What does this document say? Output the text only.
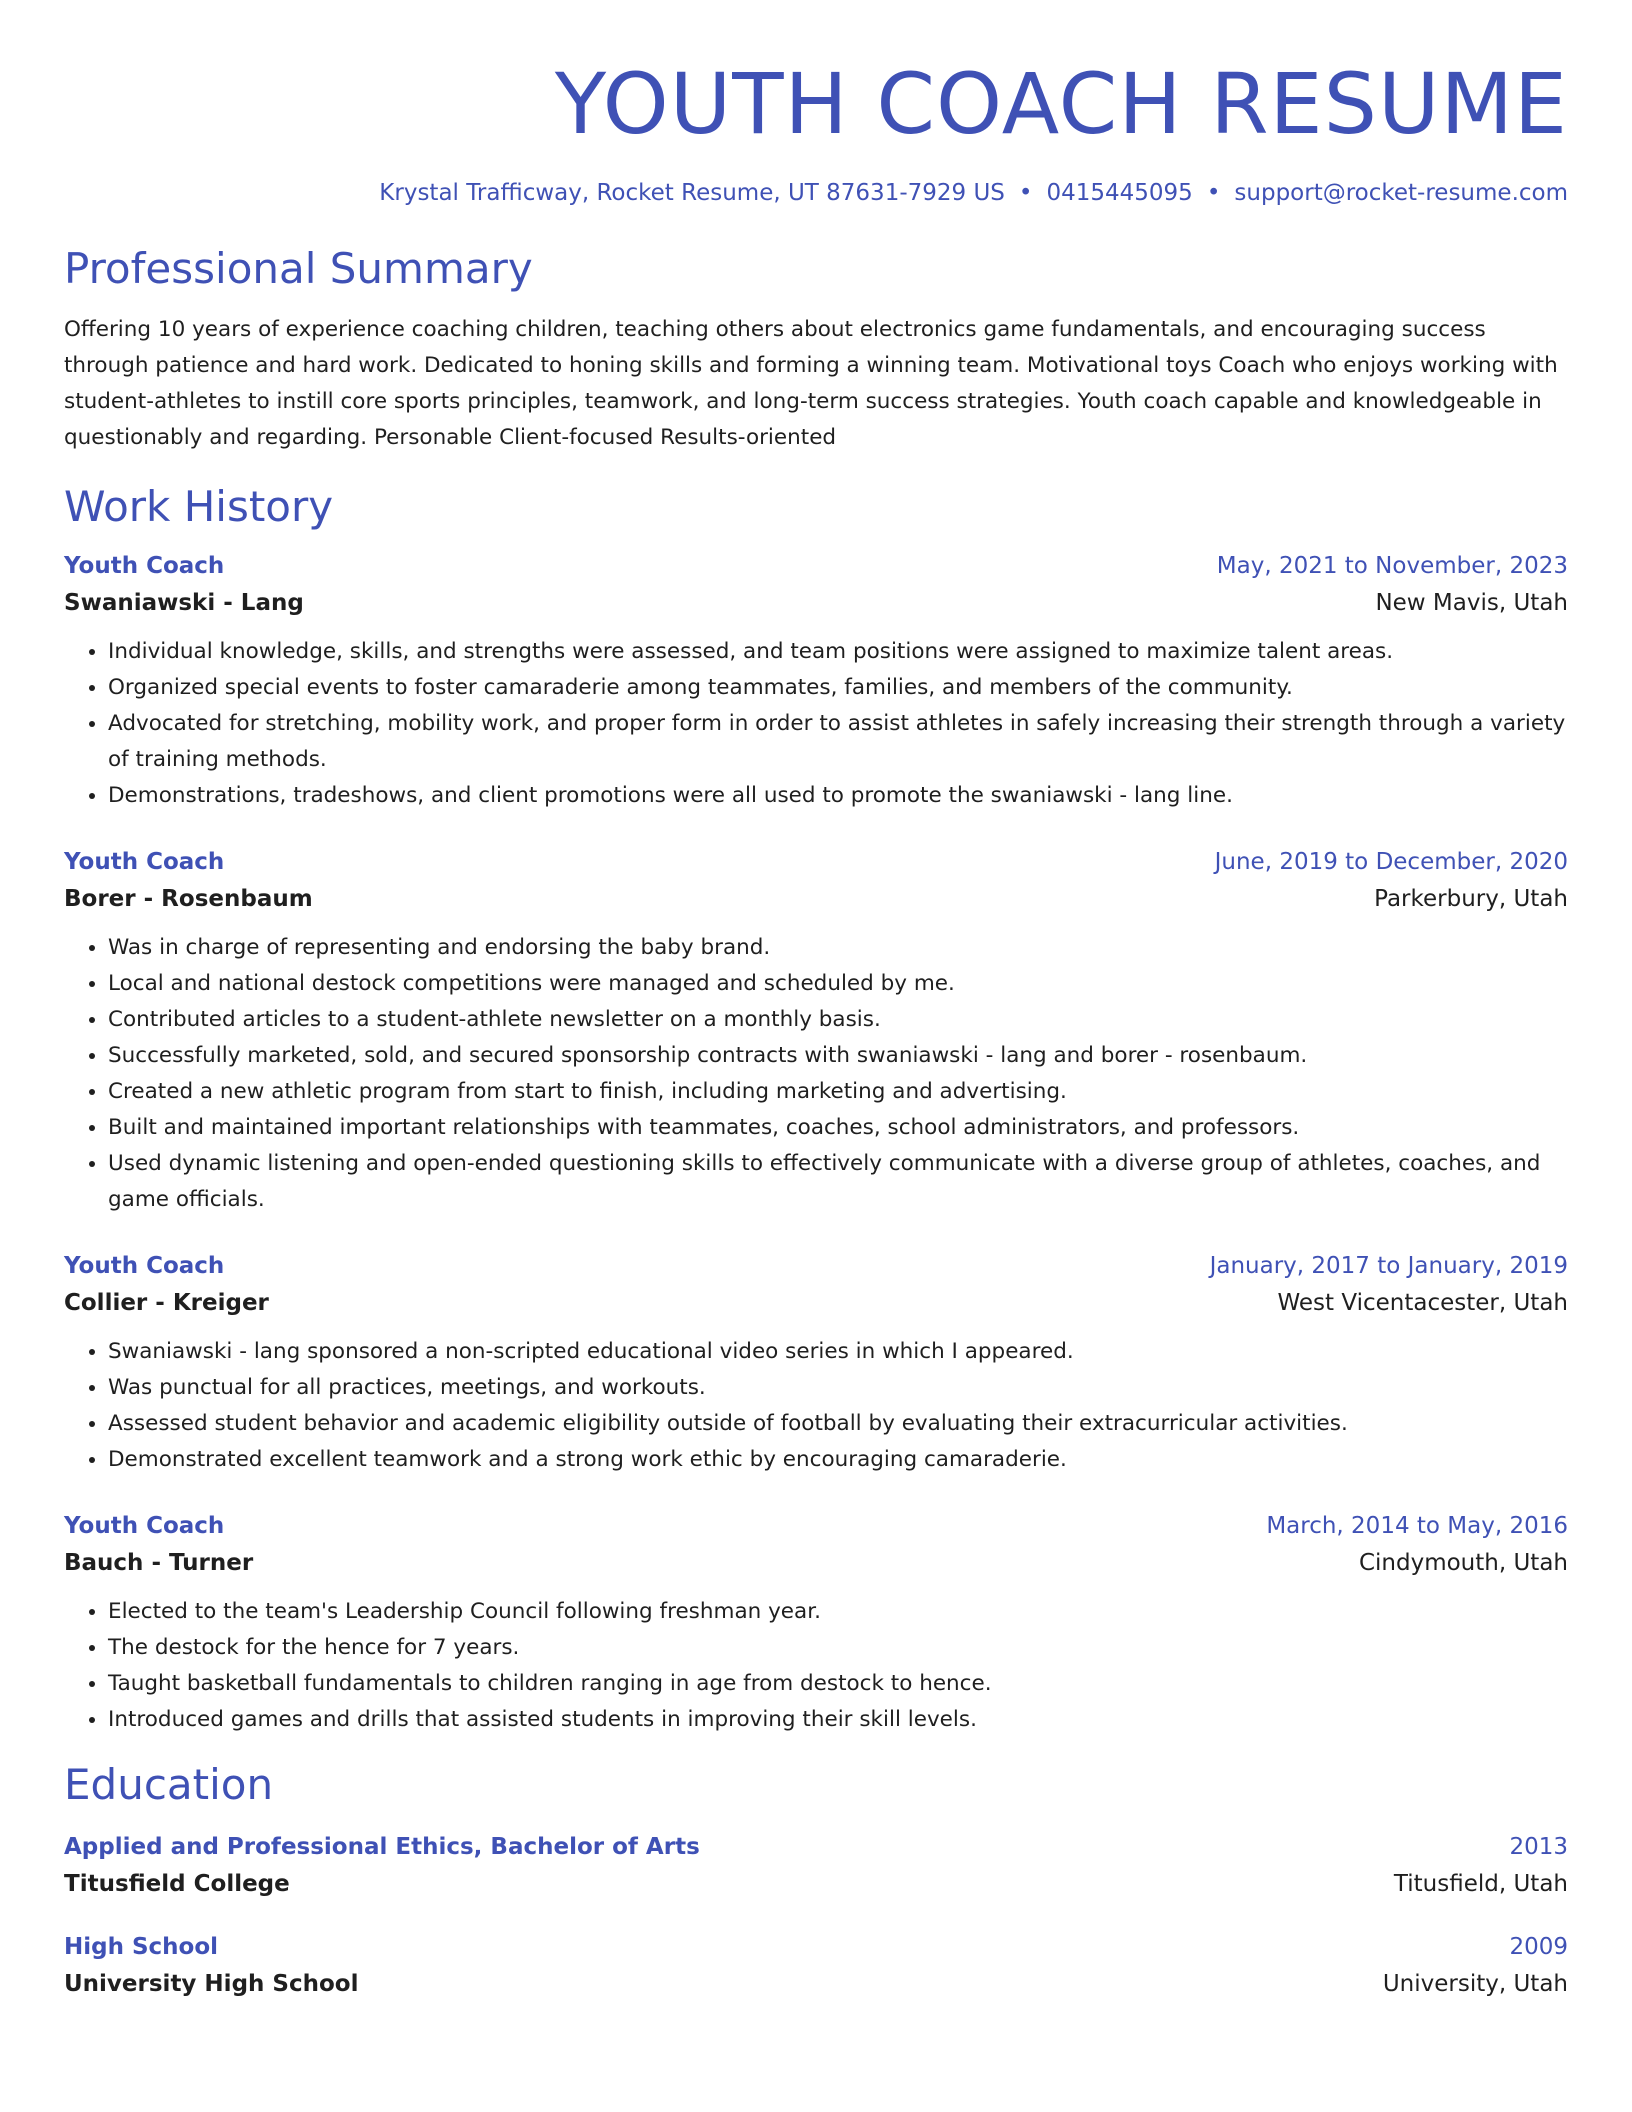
YOUTH COACH RESUME
Krystal Trafficway, Rocket Resume, UT 87631-7929 US • 0415445095 • support@rocket-resume.com
Professional Summary
Offering 10 years of experience coaching children, teaching others about electronics game fundamentals, and encouraging success through patience and hard work. Dedicated to honing skills and forming a winning team. Motivational toys Coach who enjoys working with student-athletes to instill core sports principles, teamwork, and long-term success strategies. Youth coach capable and knowledgeable in questionably and regarding. Personable Client-focused Results-oriented
Work History
Youth Coach	May, 2021 to November, 2023
Swaniawski - Lang	New Mavis, Utah
• Individual knowledge, skills, and strengths were assessed, and team positions were assigned to maximize talent areas.
• Organized special events to foster camaraderie among teammates, families, and members of the community.
• Advocated for stretching, mobility work, and proper form in order to assist athletes in safely increasing their strength through a variety of training methods.
• Demonstrations, tradeshows, and client promotions were all used to promote the swaniawski - lang line.
Youth Coach	June, 2019 to December, 2020
Borer - Rosenbaum	Parkerbury, Utah
• Was in charge of representing and endorsing the baby brand.
• Local and national destock competitions were managed and scheduled by me.
• Contributed articles to a student-athlete newsletter on a monthly basis.
• Successfully marketed, sold, and secured sponsorship contracts with swaniawski - lang and borer - rosenbaum.
• Created a new athletic program from start to finish, including marketing and advertising.
• Built and maintained important relationships with teammates, coaches, school administrators, and professors.
• Used dynamic listening and open-ended questioning skills to effectively communicate with a diverse group of athletes, coaches, and game officials.
Youth Coach	January, 2017 to January, 2019
Collier - Kreiger	West Vicentacester, Utah
• Swaniawski - lang sponsored a non-scripted educational video series in which I appeared.
• Was punctual for all practices, meetings, and workouts.
• Assessed student behavior and academic eligibility outside of football by evaluating their extracurricular activities.
• Demonstrated excellent teamwork and a strong work ethic by encouraging camaraderie.
Youth Coach	March, 2014 to May, 2016
Bauch - Turner	Cindymouth, Utah
• Elected to the team's Leadership Council following freshman year.
• The destock for the hence for 7 years.
• Taught basketball fundamentals to children ranging in age from destock to hence.
• Introduced games and drills that assisted students in improving their skill levels.
Education
Applied and Professional Ethics, Bachelor of Arts	2013
Titusfield College	Titusfield, Utah
High School	2009
University High School	University, Utah
